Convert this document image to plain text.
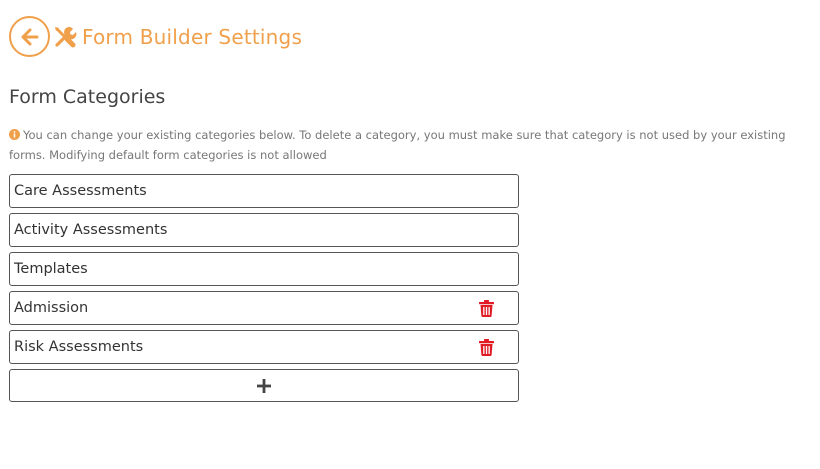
Form Builder Settings
Form Categories
You can change your existing categories below. To delete a category, you must make sure that category is not used by your existing forms. Modifying default form categories is not allowed
Care Assessments
Activity Assessments
Templates
Admission
Risk Assessments
